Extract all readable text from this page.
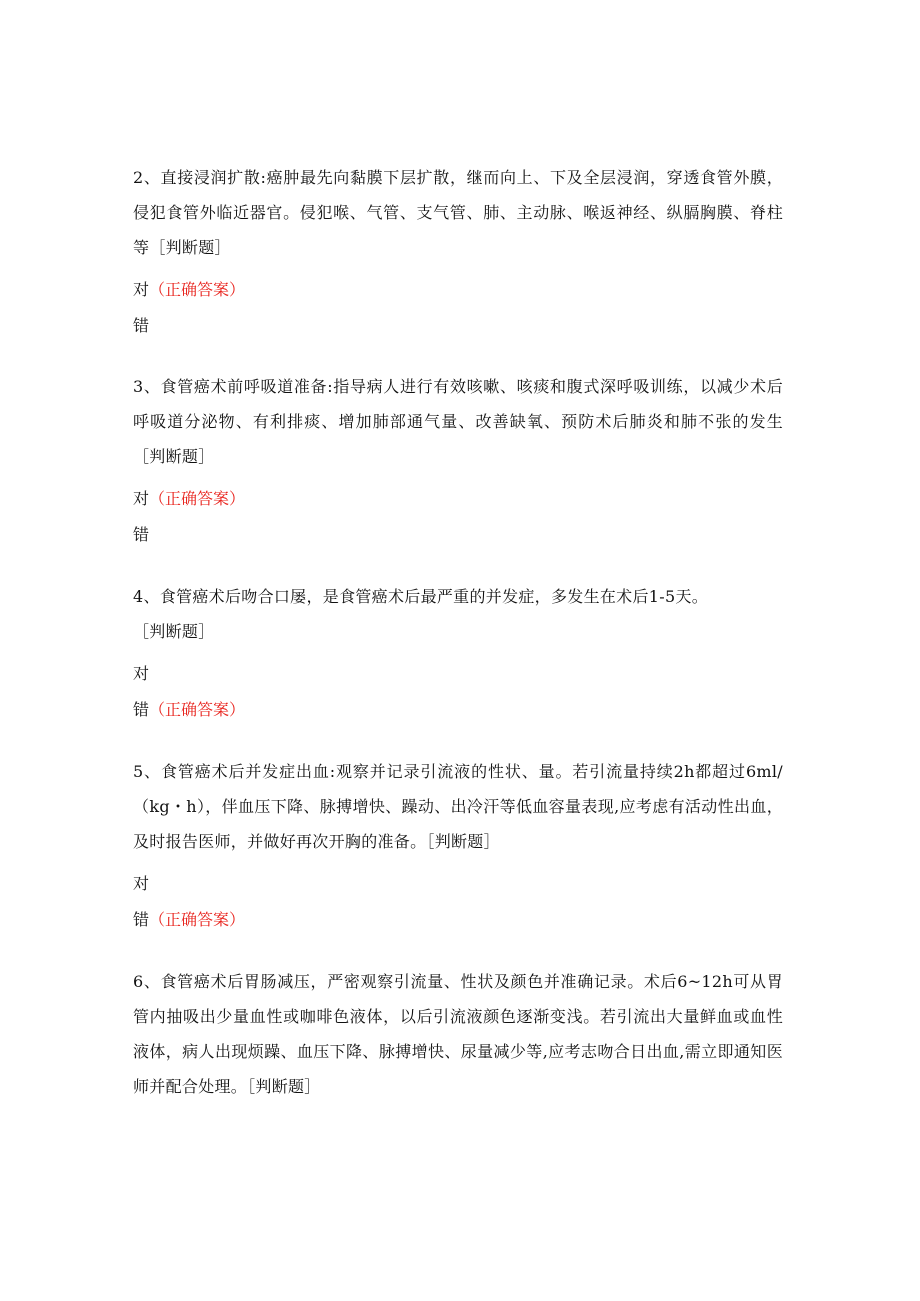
2、直接浸润扩散:癌肿最先向黏膜下层扩散，继而向上、下及全层浸润，穿透食管外膜，侵犯食管外临近器官。侵犯喉、气管、支气管、肺、主动脉、喉返神经、纵膈胸膜、脊柱等［判断题］
对（正确答案）
错
3、食管癌术前呼吸道准备:指导病人进行有效咳嗽、咳痰和腹式深呼吸训练，以减少术后呼吸道分泌物、有利排痰、增加肺部通气量、改善缺氧、预防术后肺炎和肺不张的发生［判断题］
对（正确答案）
错
4、食管癌术后吻合口屡，是食管癌术后最严重的并发症，多发生在术后1-5天。
［判断题］
对
错（正确答案）
5、食管癌术后并发症出血:观察并记录引流液的性状、量。若引流量持续2h都超过6ml/（kg・h），伴血压下降、脉搏增快、躁动、出冷汗等低血容量表现,应考虑有活动性出血，及时报告医师，并做好再次开胸的准备。［判断题］
对
错（正确答案）
6、食管癌术后胃肠减压，严密观察引流量、性状及颜色并准确记录。术后6~12h可从胃管内抽吸出少量血性或咖啡色液体，以后引流液颜色逐渐变浅。若引流出大量鲜血或血性液体，病人出现烦躁、血压下降、脉搏增快、尿量减少等,应考志吻合日出血,需立即通知医师并配合处理。［判断题］
